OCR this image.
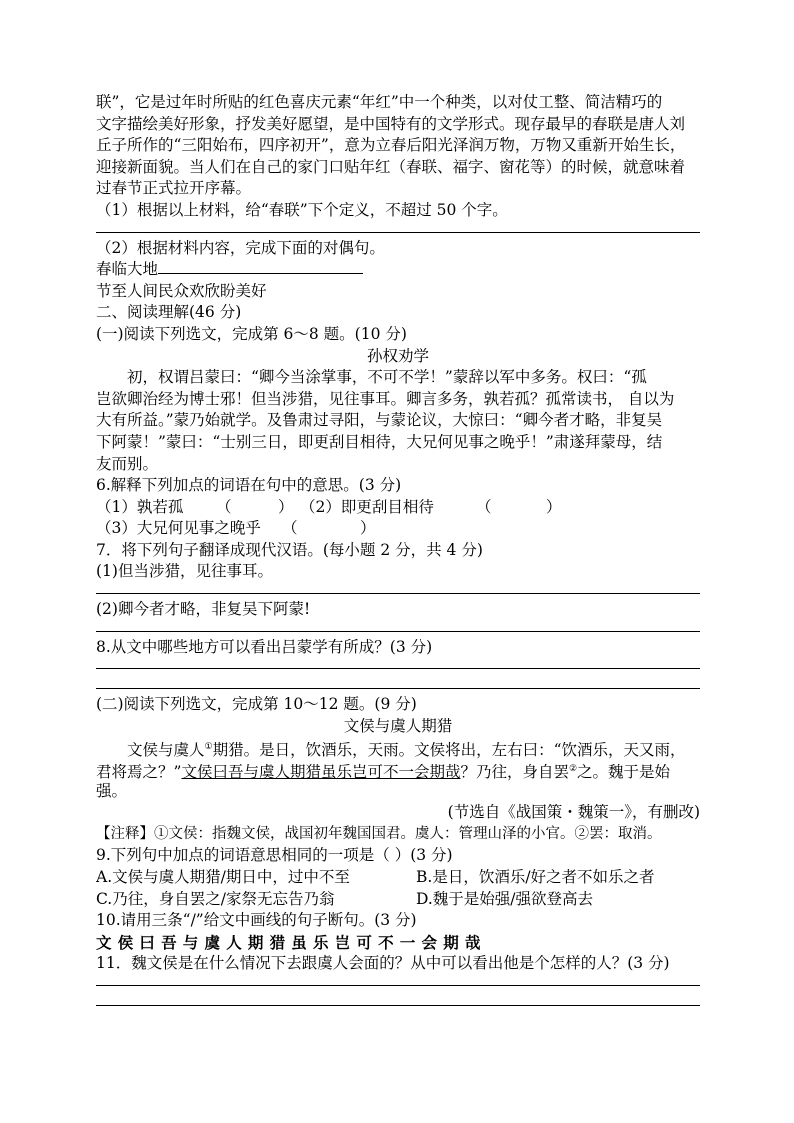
联”，它是过年时所贴的红色喜庆元素“年红”中一个种类，以对仗工整、简洁精巧的
文字描绘美好形象，抒发美好愿望，是中国特有的文学形式。现存最早的春联是唐人刘
丘子所作的“三阳始布，四序初开”，意为立春后阳光泽润万物，万物又重新开始生长，
迎接新面貌。当人们在自己的家门口贴年红（春联、福字、窗花等）的时候，就意味着
过春节正式拉开序幕。
（1）根据以上材料，给“春联”下个定义，不超过 50 个字。
（2）根据材料内容，完成下面的对偶句。
春临大地
节至人间民众欢欣盼美好
二、阅读理解(46 分)
(一)阅读下列选文，完成第 6～8 题。(10 分)
孙权劝学
初，权谓吕蒙曰：“卿今当涂掌事，不可不学！”蒙辞以军中多务。权曰：“孤
岂欲卿治经为博士邪！但当涉猎，见往事耳。卿言多务，孰若孤？孤常读书， 自以为
大有所益。”蒙乃始就学。及鲁肃过寻阳，与蒙论议，大惊曰：“卿今者才略，非复吴
下阿蒙！”蒙曰：“士别三日，即更刮目相待，大兄何见事之晚乎！”肃遂拜蒙母，结
友而别。
6.解释下列加点的词语在句中的意思。(3 分)
（1）孰若孤 （	） （2）即更刮目相待	（	）
（3）大兄何见事之晚乎 （	）
7．将下列句子翻译成现代汉语。(每小题 2 分，共 4 分)
(1)但当涉猎，见往事耳。
(2)卿今者才略，非复吴下阿蒙!
8.从文中哪些地方可以看出吕蒙学有所成？(3 分)
(二)阅读下列选文，完成第 10～12 题。(9 分)
文侯与虞人期猎
文侯与虞人①期猎。是日，饮酒乐，天雨。文侯将出，左右曰：“饮酒乐，天又雨，
君将焉之？”文侯曰吾与虞人期猎虽乐岂可不一会期哉？乃往，身自罢②之。魏于是始
强。
(节选自《战国策・魏策一》，有删改)
【注释】①文侯：指魏文侯，战国初年魏国国君。虞人：管理山泽的小官。②罢：取消。
9.下列句中加点的词语意思相同的一项是（ ）(3 分)
A.文侯与虞人期猎/期日中，过中不至	B.是日，饮酒乐/好之者不如乐之者
C.乃往，身自罢之/家祭无忘告乃翁	D.魏于是始强/强欲登高去
10.请用三条“/”给文中画线的句子断句。(3 分)
文侯曰吾与虞人期猎虽乐岂可不一会期哉
11．魏文侯是在什么情况下去跟虞人会面的？从中可以看出他是个怎样的人？(3 分)
